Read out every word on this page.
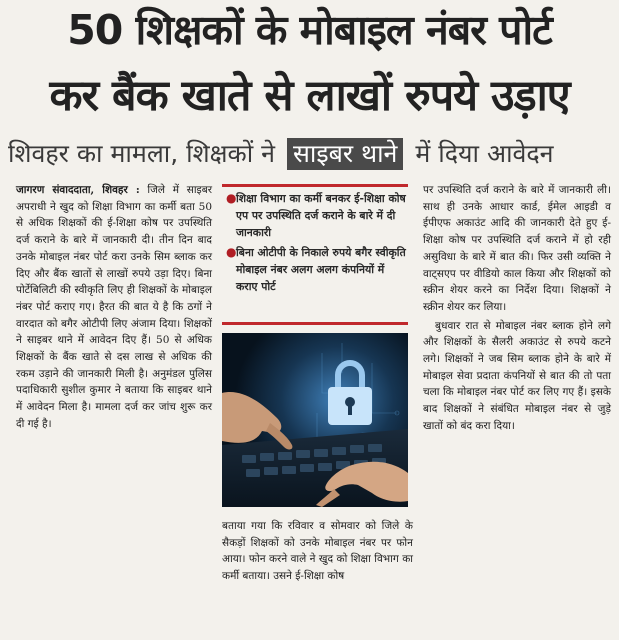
50 शिक्षकों के मोबाइल नंबर पोर्ट
कर बैंक खाते से लाखों रुपये उड़ाए
शिवहर का मामला, शिक्षकों ने साइबर थाने में दिया आवेदन

जागरण संवाददाता, शिवहर : जिले में साइबर अपराधी ने खुद को शिक्षा विभाग का कर्मी बता 50 से अधिक शिक्षकों की ई-शिक्षा कोष पर उपस्थिति दर्ज कराने के बारे में जानकारी दी। तीन दिन बाद उनके मोबाइल नंबर पोर्ट करा उनके सिम ब्लाक कर दिए और बैंक खातों से लाखों रुपये उड़ा दिए। बिना पोर्टेबिलिटी की स्वीकृति लिए ही शिक्षकों के मोबाइल नंबर पोर्ट कराए गए। हैरत की बात ये है कि ठगों ने वारदात को बगैर ओटीपी लिए अंजाम दिया। शिक्षकों ने साइबर थाने में आवेदन दिए हैं। 50 से अधिक शिक्षकों के बैंक खाते से दस लाख से अधिक की रकम उड़ाने की जानकारी मिली है। अनुमंडल पुलिस पदाधिकारी सुशील कुमार ने बताया कि साइबर थाने में आवेदन मिला है। मामला दर्ज कर जांच शुरू कर दी गई है।

● शिक्षा विभाग का कर्मी बनकर ई-शिक्षा कोष एप पर उपस्थिति दर्ज कराने के बारे में दी जानकारी
● बिना ओटीपी के निकाले रुपये बगैर स्वीकृति मोबाइल नंबर अलग अलग कंपनियों में कराए पोर्ट

बताया गया कि रविवार व सोमवार को जिले के सैकड़ों शिक्षकों को उनके मोबाइल नंबर पर फोन आया। फोन करने वाले ने खुद को शिक्षा विभाग का कर्मी बताया। उसने ई-शिक्षा कोष

पर उपस्थिति दर्ज कराने के बारे में जानकारी ली। साथ ही उनके आधार कार्ड, ईमेल आइडी व ईपीएफ अकाउंट आदि की जानकारी देते हुए ई-शिक्षा कोष पर उपस्थिति दर्ज कराने में हो रही असुविधा के बारे में बात की। फिर उसी व्यक्ति ने वाट्सएप पर वीडियो काल किया और शिक्षकों को स्क्रीन शेयर करने का निर्देश दिया। शिक्षकों ने स्क्रीन शेयर कर लिया।

बुधवार रात से मोबाइल नंबर ब्लाक होने लगे और शिक्षकों के सैलरी अकाउंट से रुपये कटने लगे। शिक्षकों ने जब सिम ब्लाक होने के बारे में मोबाइल सेवा प्रदाता कंपनियों से बात की तो पता चला कि मोबाइल नंबर पोर्ट कर लिए गए हैं। इसके बाद शिक्षकों ने संबंधित मोबाइल नंबर से जुड़े खातों को बंद करा दिया।
